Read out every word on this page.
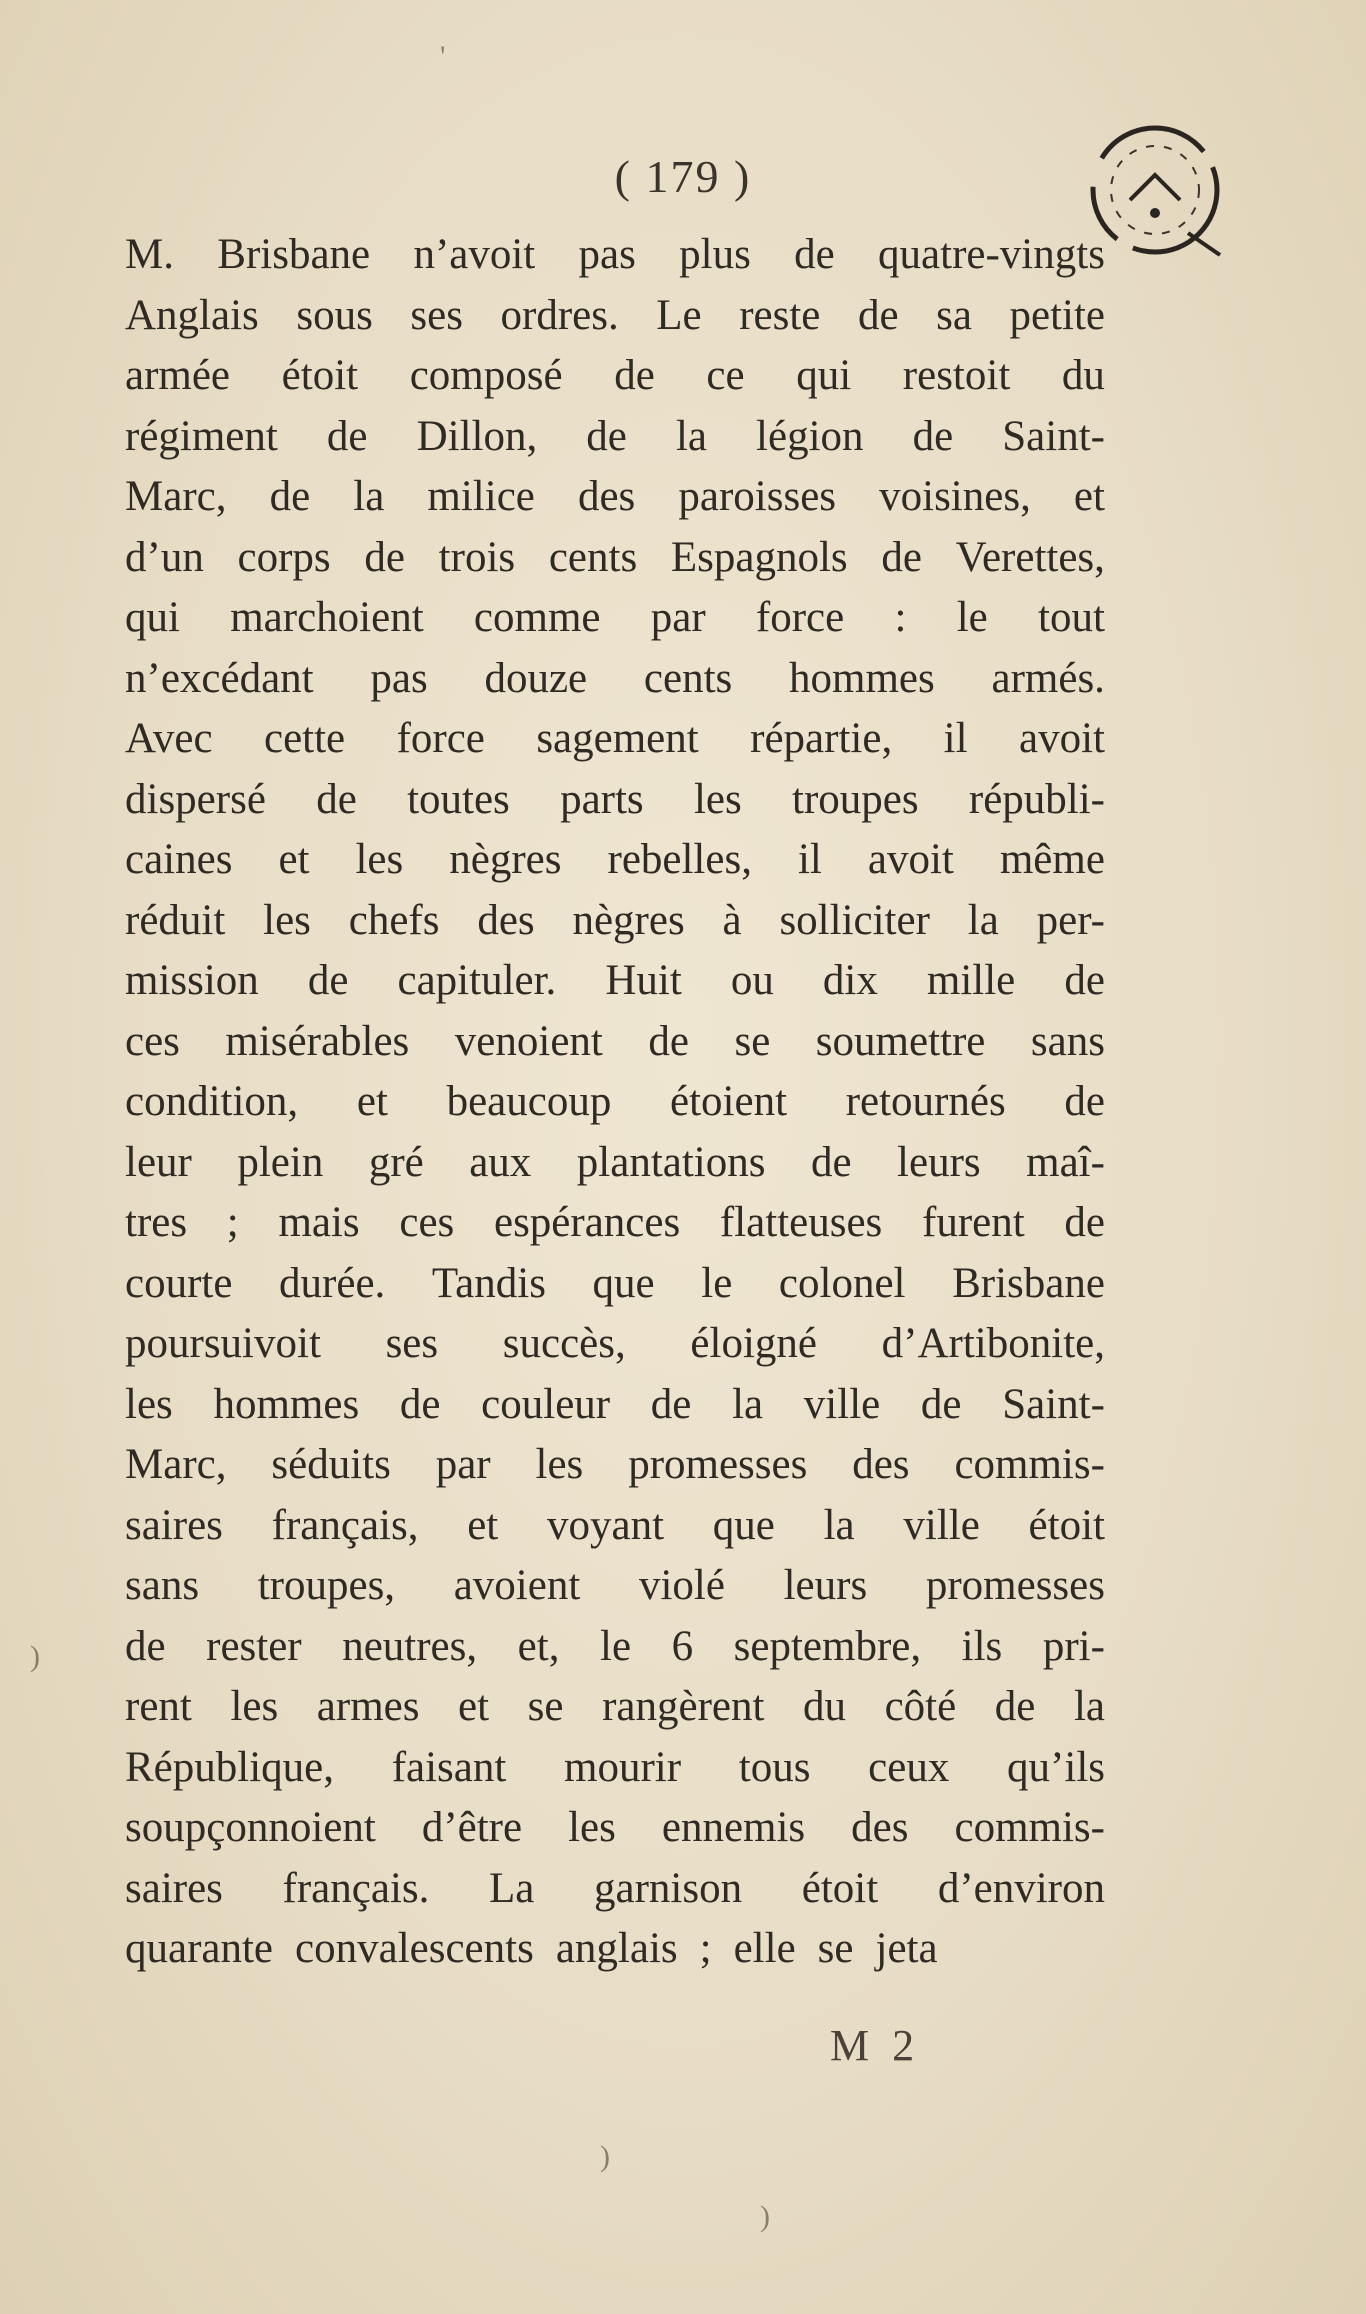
( 179 )
M. Brisbane n’avoit pas plus de quatre-vingts
Anglais sous ses ordres. Le reste de sa petite
armée étoit composé de ce qui restoit du
régiment de Dillon, de la légion de Saint-
Marc, de la milice des paroisses voisines, et
d’un corps de trois cents Espagnols de Verettes,
qui marchoient comme par force : le tout
n’excédant pas douze cents hommes armés.
Avec cette force sagement répartie, il avoit
dispersé de toutes parts les troupes républi-
caines et les nègres rebelles, il avoit même
réduit les chefs des nègres à solliciter la per-
mission de capituler. Huit ou dix mille de
ces misérables venoient de se soumettre sans
condition, et beaucoup étoient retournés de
leur plein gré aux plantations de leurs maî-
tres ; mais ces espérances flatteuses furent de
courte durée. Tandis que le colonel Brisbane
poursuivoit ses succès, éloigné d’Artibonite,
les hommes de couleur de la ville de Saint-
Marc, séduits par les promesses des commis-
saires français, et voyant que la ville étoit
sans troupes, avoient violé leurs promesses
de rester neutres, et, le 6 septembre, ils pri-
rent les armes et se rangèrent du côté de la
République, faisant mourir tous ceux qu’ils
soupçonnoient d’être les ennemis des commis-
saires français. La garnison étoit d’environ
quarante convalescents anglais ; elle se jeta
M 2
'
)
)
)
